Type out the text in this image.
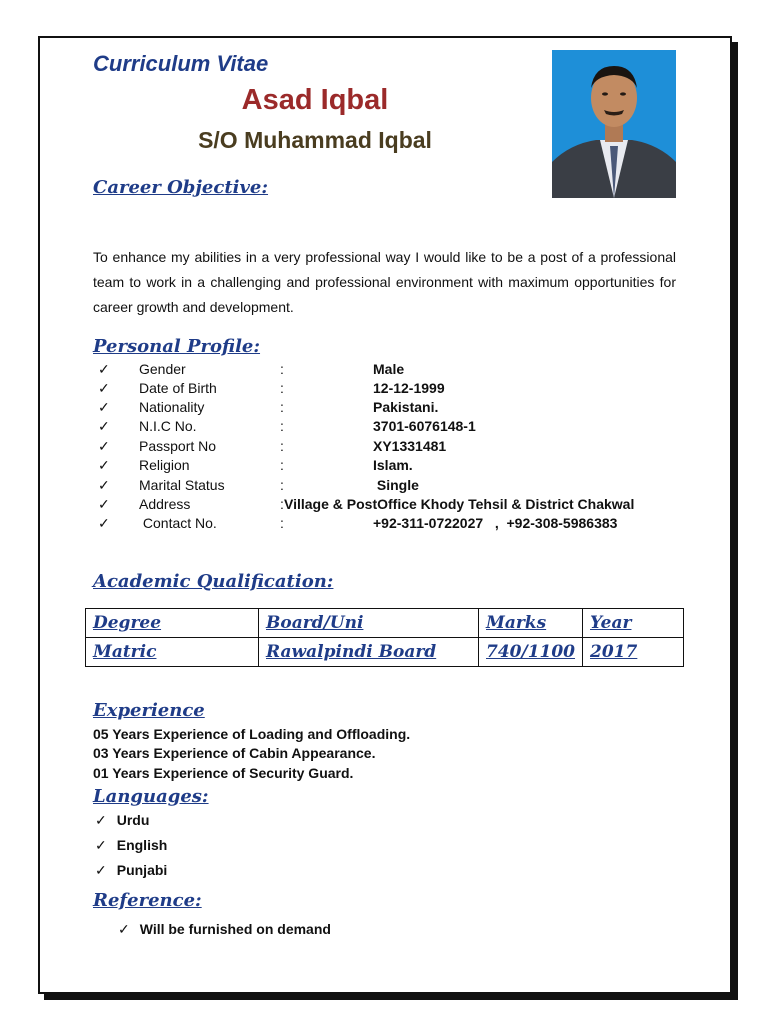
Curriculum Vitae
Asad Iqbal
S/O Muhammad Iqbal
Career Objective:
To enhance my abilities in a very professional way I would like to be a post of a professional team to work in a challenging and professional environment with maximum opportunities for career growth and development.
Personal Profile:
✓ Gender	:	Male
✓ Date of Birth	:	12-12-1999
✓ Nationality	:	Pakistani.
✓ N.I.C No.	:	3701-6076148-1
✓ Passport No	:	XY1331481
✓ Religion	:	Islam.
✓ Marital Status	:	Single
✓ Address	: Village & PostOffice Khody Tehsil & District Chakwal
✓ Contact No.	:	+92-311-0722027   ,  +92-308-5986383
Academic Qualification:
Degree	Board/Uni	Marks	Year
Matric	Rawalpindi Board	740/1100	2017
Experience
05 Years Experience of Loading and Offloading.
03 Years Experience of Cabin Appearance.
01 Years Experience of Security Guard.
Languages:
✓ Urdu
✓ English
✓ Punjabi
Reference:
✓ Will be furnished on demand
